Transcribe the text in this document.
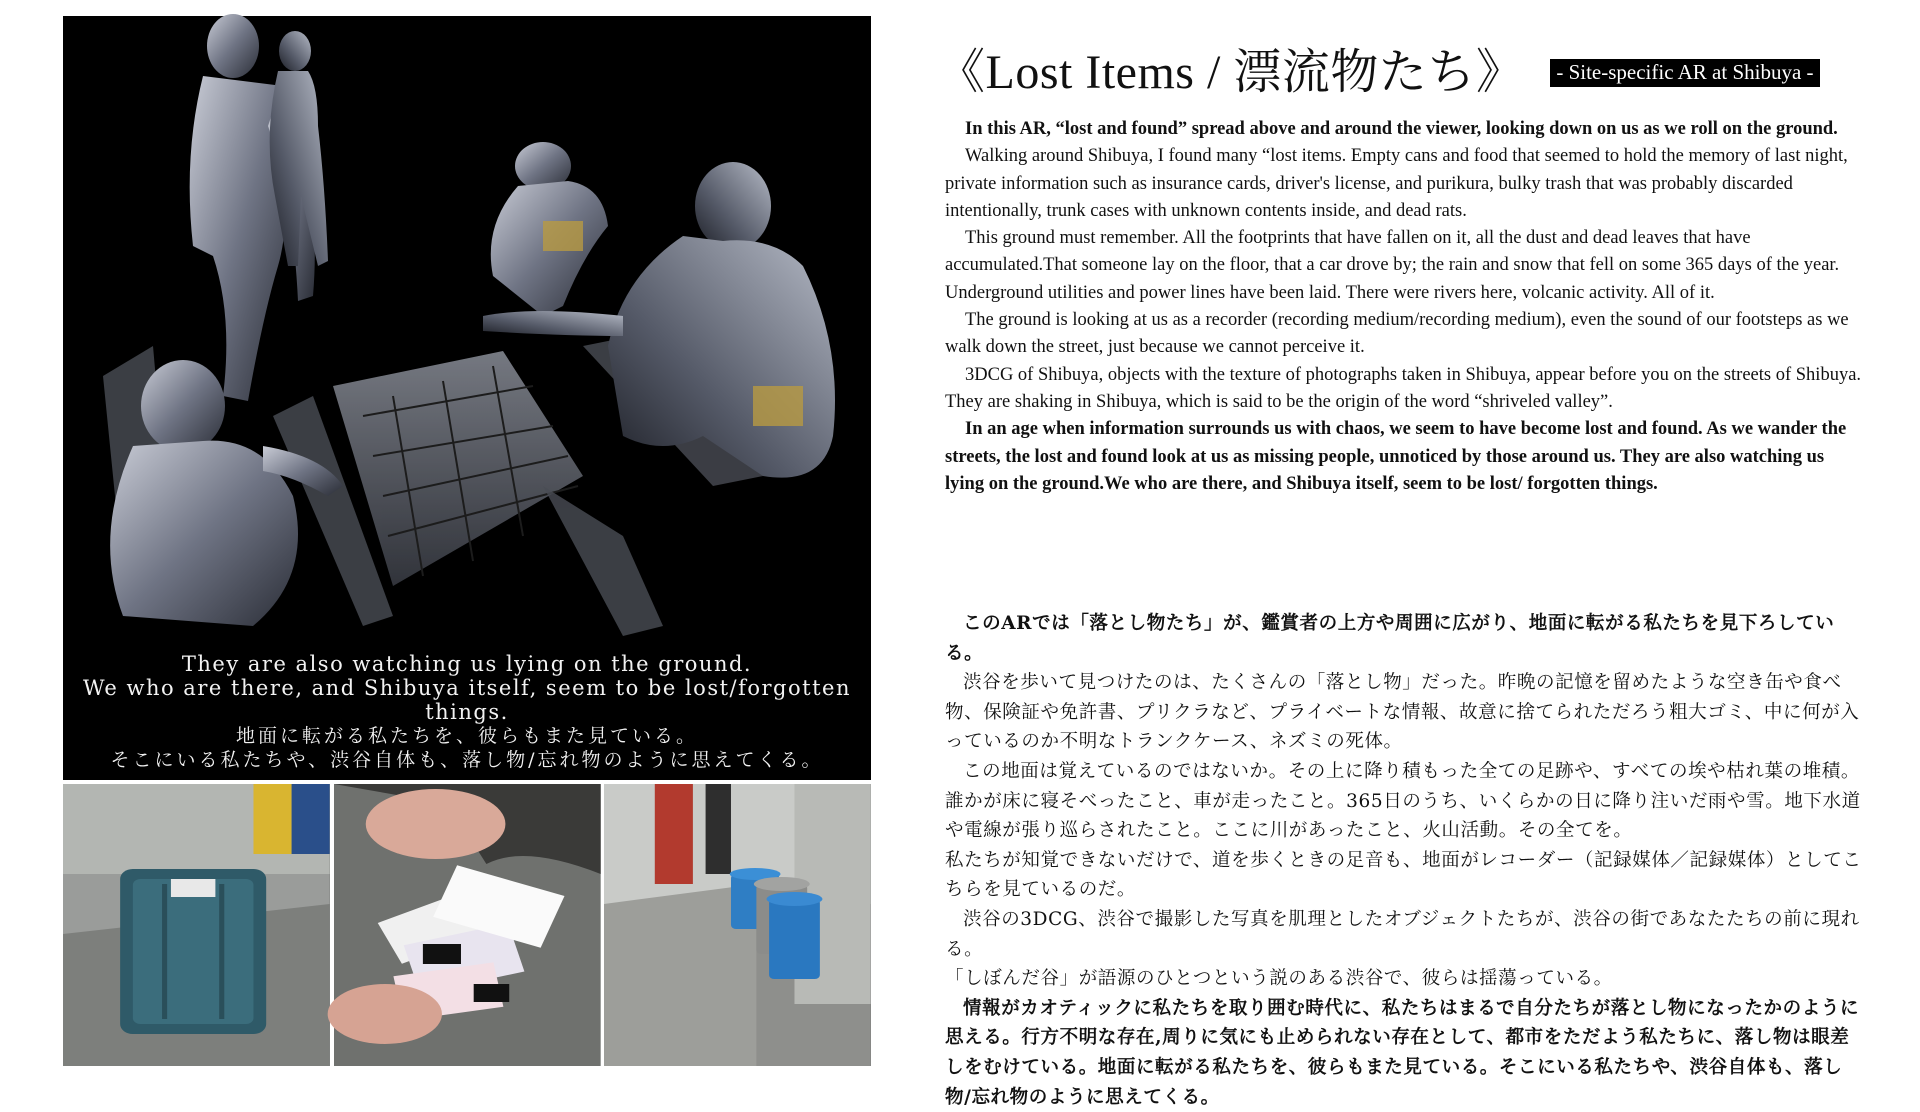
They are also watching us lying on the ground.
We who are there, and Shibuya itself, seem to be lost/forgotten things.
地面に転がる私たちを、彼らもまた見ている。
そこにいる私たちや、渋谷自体も、落し物/忘れ物のように思えてくる。
《Lost Items / 漂流物たち》 - Site-specific AR at Shibuya -

In this AR, “lost and found” spread above and around the viewer, looking down on us as we roll on the ground.

Walking around Shibuya, I found many “lost items. Empty cans and food that seemed to hold the memory of last night, private information such as insurance cards, driver's license, and purikura, bulky trash that was probably discarded intentionally, trunk cases with unknown contents inside, and dead rats.

This ground must remember. All the footprints that have fallen on it, all the dust and dead leaves that have accumulated.That someone lay on the floor, that a car drove by; the rain and snow that fell on some 365 days of the year. Underground utilities and power lines have been laid. There were rivers here, volcanic activity. All of it.

The ground is looking at us as a recorder (recording medium/recording medium), even the sound of our footsteps as we walk down the street, just because we cannot perceive it.

3DCG of Shibuya, objects with the texture of photographs taken in Shibuya, appear before you on the streets of Shibuya.

They are shaking in Shibuya, which is said to be the origin of the word “shriveled valley”.

In an age when information surrounds us with chaos, we seem to have become lost and found. As we wander the streets, the lost and found look at us as missing people, unnoticed by those around us. They are also watching us lying on the ground.We who are there, and Shibuya itself, seem to be lost/ forgotten things.

このARでは「落とし物たち」が、鑑賞者の上方や周囲に広がり、地面に転がる私たちを見下ろしている。

渋谷を歩いて見つけたのは、たくさんの「落とし物」だった。昨晩の記憶を留めたような空き缶や食べ物、保険証や免許書、プリクラなど、プライベートな情報、故意に捨てられただろう粗大ゴミ、中に何が入っているのか不明なトランクケース、ネズミの死体。

この地面は覚えているのではないか。その上に降り積もった全ての足跡や、すべての埃や枯れ葉の堆積。誰かが床に寝そべったこと、車が走ったこと。365日のうち、いくらかの日に降り注いだ雨や雪。地下水道や電線が張り巡らされたこと。ここに川があったこと、火山活動。その全てを。

私たちが知覚できないだけで、道を歩くときの足音も、地面がレコーダー（記録媒体／記録媒体）としてこちらを見ているのだ。

渋谷の3DCG、渋谷で撮影した写真を肌理としたオブジェクトたちが、渋谷の街であなたたちの前に現れる。

「しぼんだ谷」が語源のひとつという説のある渋谷で、彼らは揺蕩っている。

情報がカオティックに私たちを取り囲む時代に、私たちはまるで自分たちが落とし物になったかのように思える。行方不明な存在,周りに気にも止められない存在として、都市をただよう私たちに、落し物は眼差しをむけている。地面に転がる私たちを、彼らもまた見ている。そこにいる私たちや、渋谷自体も、落し物/忘れ物のように思えてくる。
